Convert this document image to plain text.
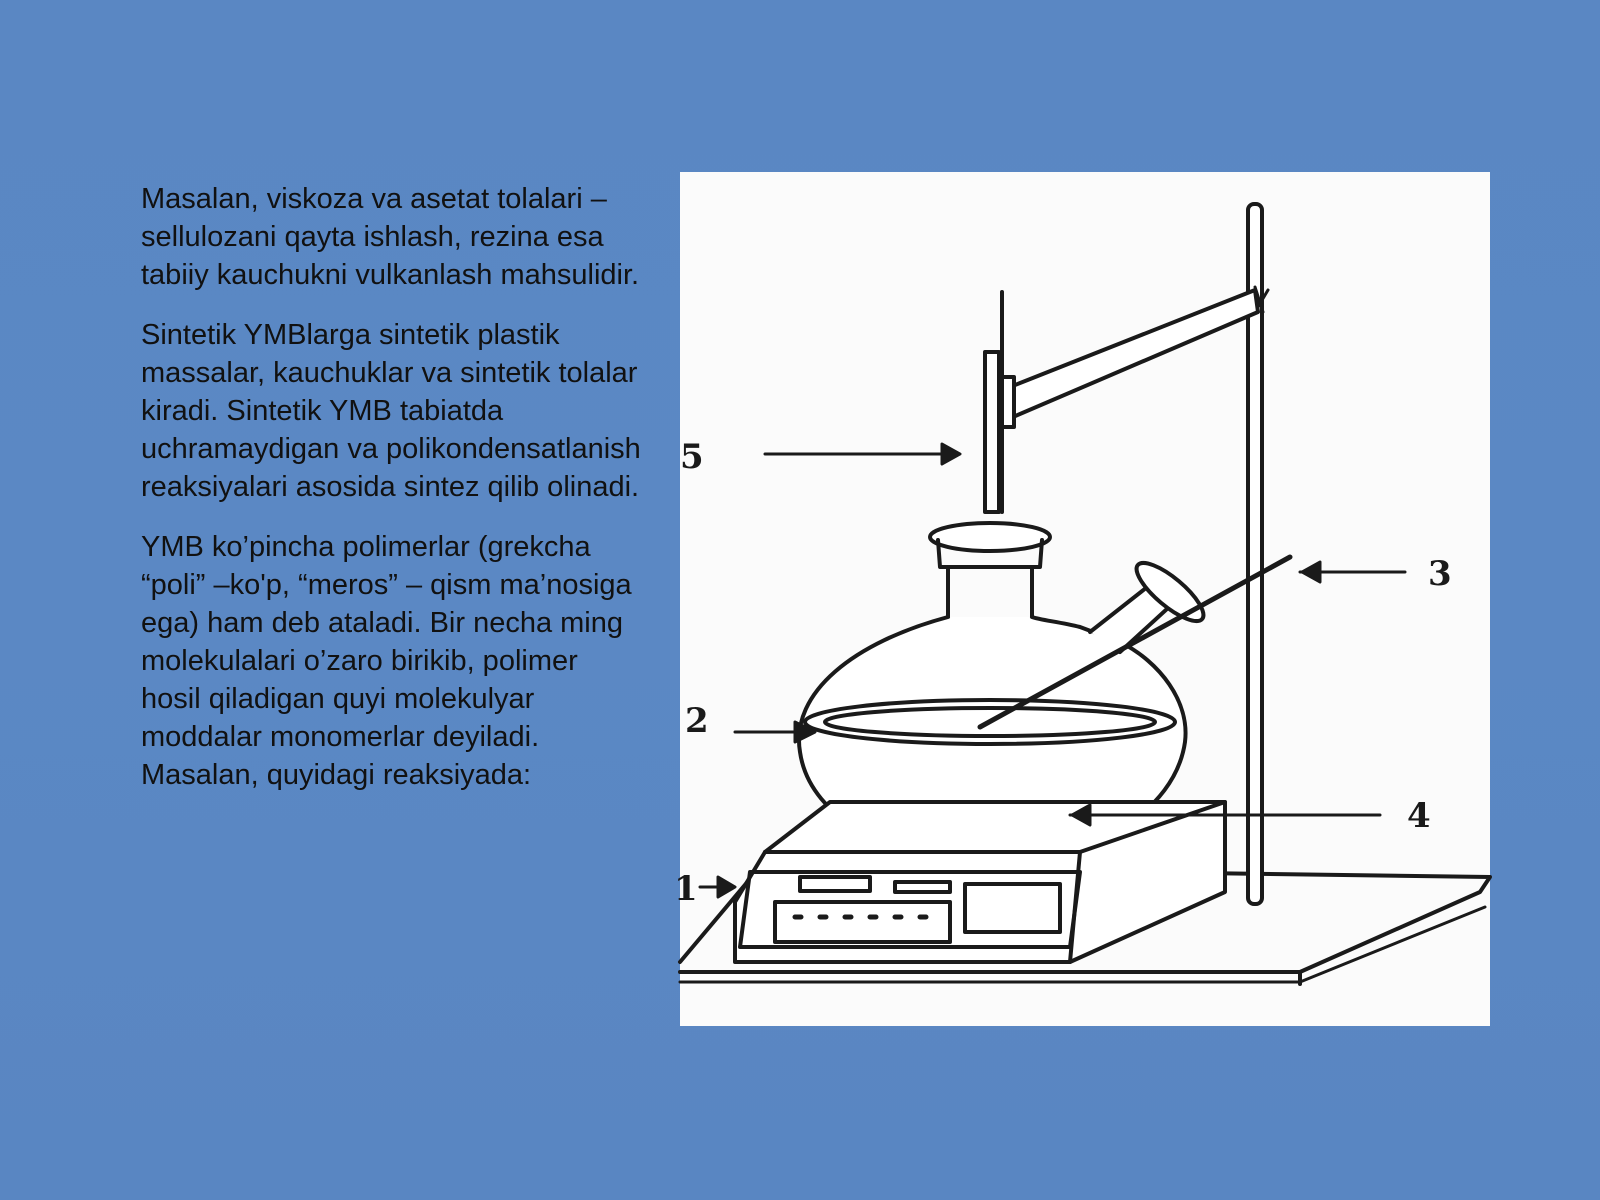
Masalan, viskoza va asetat tolalari –sellulozani qayta ishlash, rezina esa tabiiy kauchukni vulkanlash mahsulidir.

Sintetik YMBlarga sintetik plastik massalar, kauchuklar va sintetik tolalar kiradi. Sintetik YMB tabiatda uchramaydigan va polikondensatlanish reaksiyalari asosida sintez qilib olinadi.

YMB ko’pincha polimerlar (grekcha “poli” –ko'p, “meros” – qism ma’nosiga ega) ham deb ataladi. Bir necha ming molekulalari o’zaro birikib, polimer hosil qiladigan quyi molekulyar moddalar monomerlar deyiladi. Masalan, quyidagi reaksiyada:

5
3
2
4
1
